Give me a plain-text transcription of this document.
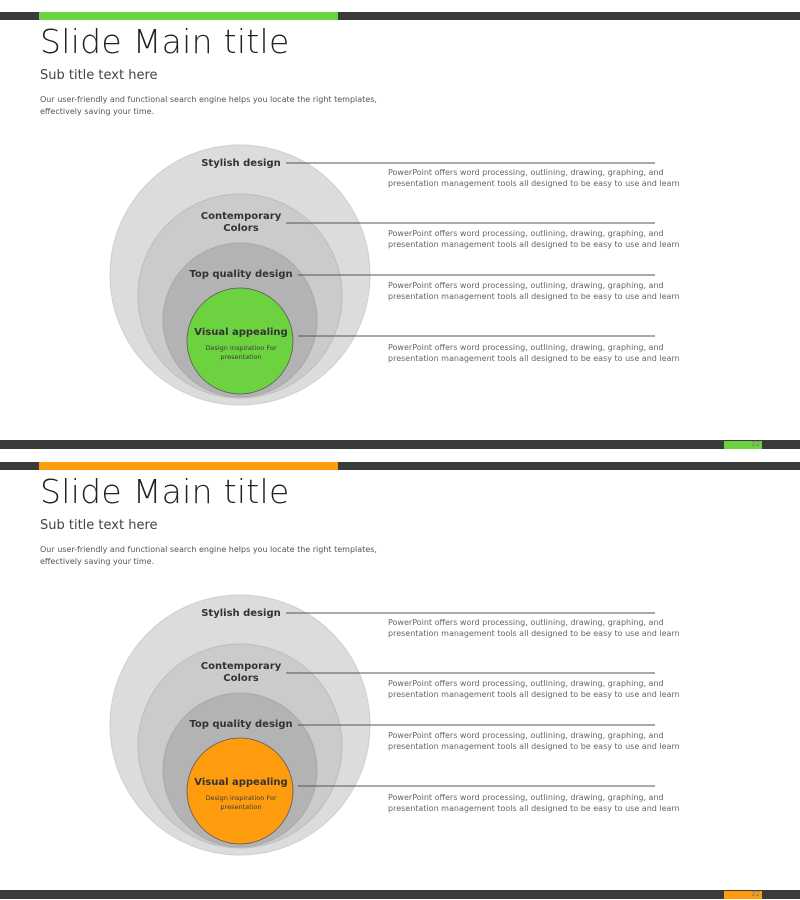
Slide Main title
Sub title text here
Our user-friendly and functional search engine helps you locate the right templates,
effectively saving your time.
Stylish design
Contemporary
Colors
Top quality design
Visual appealing
Design inspiration For
presentation
PowerPoint offers word processing, outlining, drawing, graphing, and
presentation management tools all designed to be easy to use and learn
PowerPoint offers word processing, outlining, drawing, graphing, and
presentation management tools all designed to be easy to use and learn
PowerPoint offers word processing, outlining, drawing, graphing, and
presentation management tools all designed to be easy to use and learn
PowerPoint offers word processing, outlining, drawing, graphing, and
presentation management tools all designed to be easy to use and learn
22
Slide Main title
Sub title text here
Our user-friendly and functional search engine helps you locate the right templates,
effectively saving your time.
Stylish design
Contemporary
Colors
Top quality design
Visual appealing
Design inspiration For
presentation
PowerPoint offers word processing, outlining, drawing, graphing, and
presentation management tools all designed to be easy to use and learn
PowerPoint offers word processing, outlining, drawing, graphing, and
presentation management tools all designed to be easy to use and learn
PowerPoint offers word processing, outlining, drawing, graphing, and
presentation management tools all designed to be easy to use and learn
PowerPoint offers word processing, outlining, drawing, graphing, and
presentation management tools all designed to be easy to use and learn
22
